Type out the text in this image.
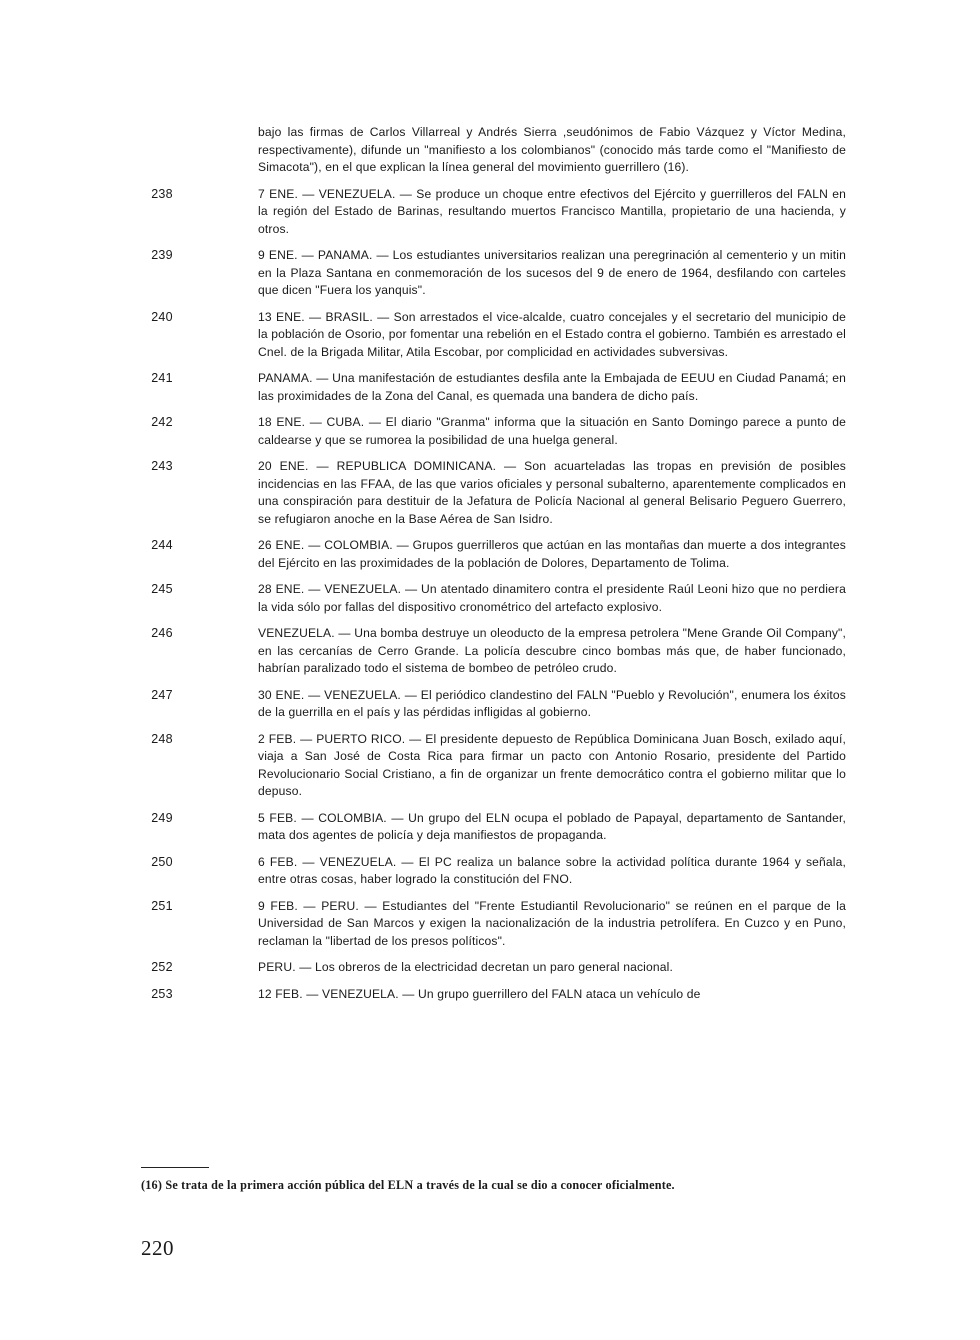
bajo las firmas de Carlos Villarreal y Andrés Sierra ,seudónimos de Fabio Vázquez y Víctor Medina, respectivamente), difunde un "manifiesto a los colombianos" (conocido más tarde como el "Manifiesto de Simacota"), en el que explican la línea general del movimiento guerrillero (16).
238	7 ENE. — VENEZUELA. — Se produce un choque entre efectivos del Ejército y guerrilleros del FALN en la región del Estado de Barinas, resultando muertos Francisco Mantilla, propietario de una hacienda, y otros.
239	9 ENE. — PANAMA. — Los estudiantes universitarios realizan una peregrinación al cementerio y un mitin en la Plaza Santana en conmemoración de los sucesos del 9 de enero de 1964, desfilando con carteles que dicen "Fuera los yanquis".
240	13 ENE. — BRASIL. — Son arrestados el vice-alcalde, cuatro concejales y el secretario del municipio de la población de Osorio, por fomentar una rebelión en el Estado contra el gobierno. También es arrestado el Cnel. de la Brigada Militar, Atila Escobar, por complicidad en actividades subversivas.
241	PANAMA. — Una manifestación de estudiantes desfila ante la Embajada de EEUU en Ciudad Panamá; en las proximidades de la Zona del Canal, es quemada una bandera de dicho país.
242	18 ENE. — CUBA. — El diario "Granma" informa que la situación en Santo Domingo parece a punto de caldearse y que se rumorea la posibilidad de una huelga general.
243	20 ENE. — REPUBLICA DOMINICANA. — Son acuarteladas las tropas en previsión de posibles incidencias en las FFAA, de las que varios oficiales y personal subalterno, aparentemente complicados en una conspiración para destituir de la Jefatura de Policía Nacional al general Belisario Peguero Guerrero, se refugiaron anoche en la Base Aérea de San Isidro.
244	26 ENE. — COLOMBIA. — Grupos guerrilleros que actúan en las montañas dan muerte a dos integrantes del Ejército en las proximidades de la población de Dolores, Departamento de Tolima.
245	28 ENE. — VENEZUELA. — Un atentado dinamitero contra el presidente Raúl Leoni hizo que no perdiera la vida sólo por fallas del dispositivo cronométrico del artefacto explosivo.
246	VENEZUELA. — Una bomba destruye un oleoducto de la empresa petrolera "Mene Grande Oil Company", en las cercanías de Cerro Grande. La policía descubre cinco bombas más que, de haber funcionado, habrían paralizado todo el sistema de bombeo de petróleo crudo.
247	30 ENE. — VENEZUELA. — El periódico clandestino del FALN "Pueblo y Revolución", enumera los éxitos de la guerrilla en el país y las pérdidas infligidas al gobierno.
248	2 FEB. — PUERTO RICO. — El presidente depuesto de República Dominicana Juan Bosch, exilado aquí, viaja a San José de Costa Rica para firmar un pacto con Antonio Rosario, presidente del Partido Revolucionario Social Cristiano, a fin de organizar un frente democrático contra el gobierno militar que lo depuso.
249	5 FEB. — COLOMBIA. — Un grupo del ELN ocupa el poblado de Papayal, departamento de Santander, mata dos agentes de policía y deja manifiestos de propaganda.
250	6 FEB. — VENEZUELA. — El PC realiza un balance sobre la actividad política durante 1964 y señala, entre otras cosas, haber logrado la constitución del FNO.
251	9 FEB. — PERU. — Estudiantes del "Frente Estudiantil Revolucionario" se reúnen en el parque de la Universidad de San Marcos y exigen la nacionalización de la industria petrolífera. En Cuzco y en Puno, reclaman la "libertad de los presos políticos".
252	PERU. — Los obreros de la electricidad decretan un paro general nacional.
253	12 FEB. — VENEZUELA. — Un grupo guerrillero del FALN ataca un vehículo de
(16) Se trata de la primera acción pública del ELN a través de la cual se dio a conocer oficialmente.
220
